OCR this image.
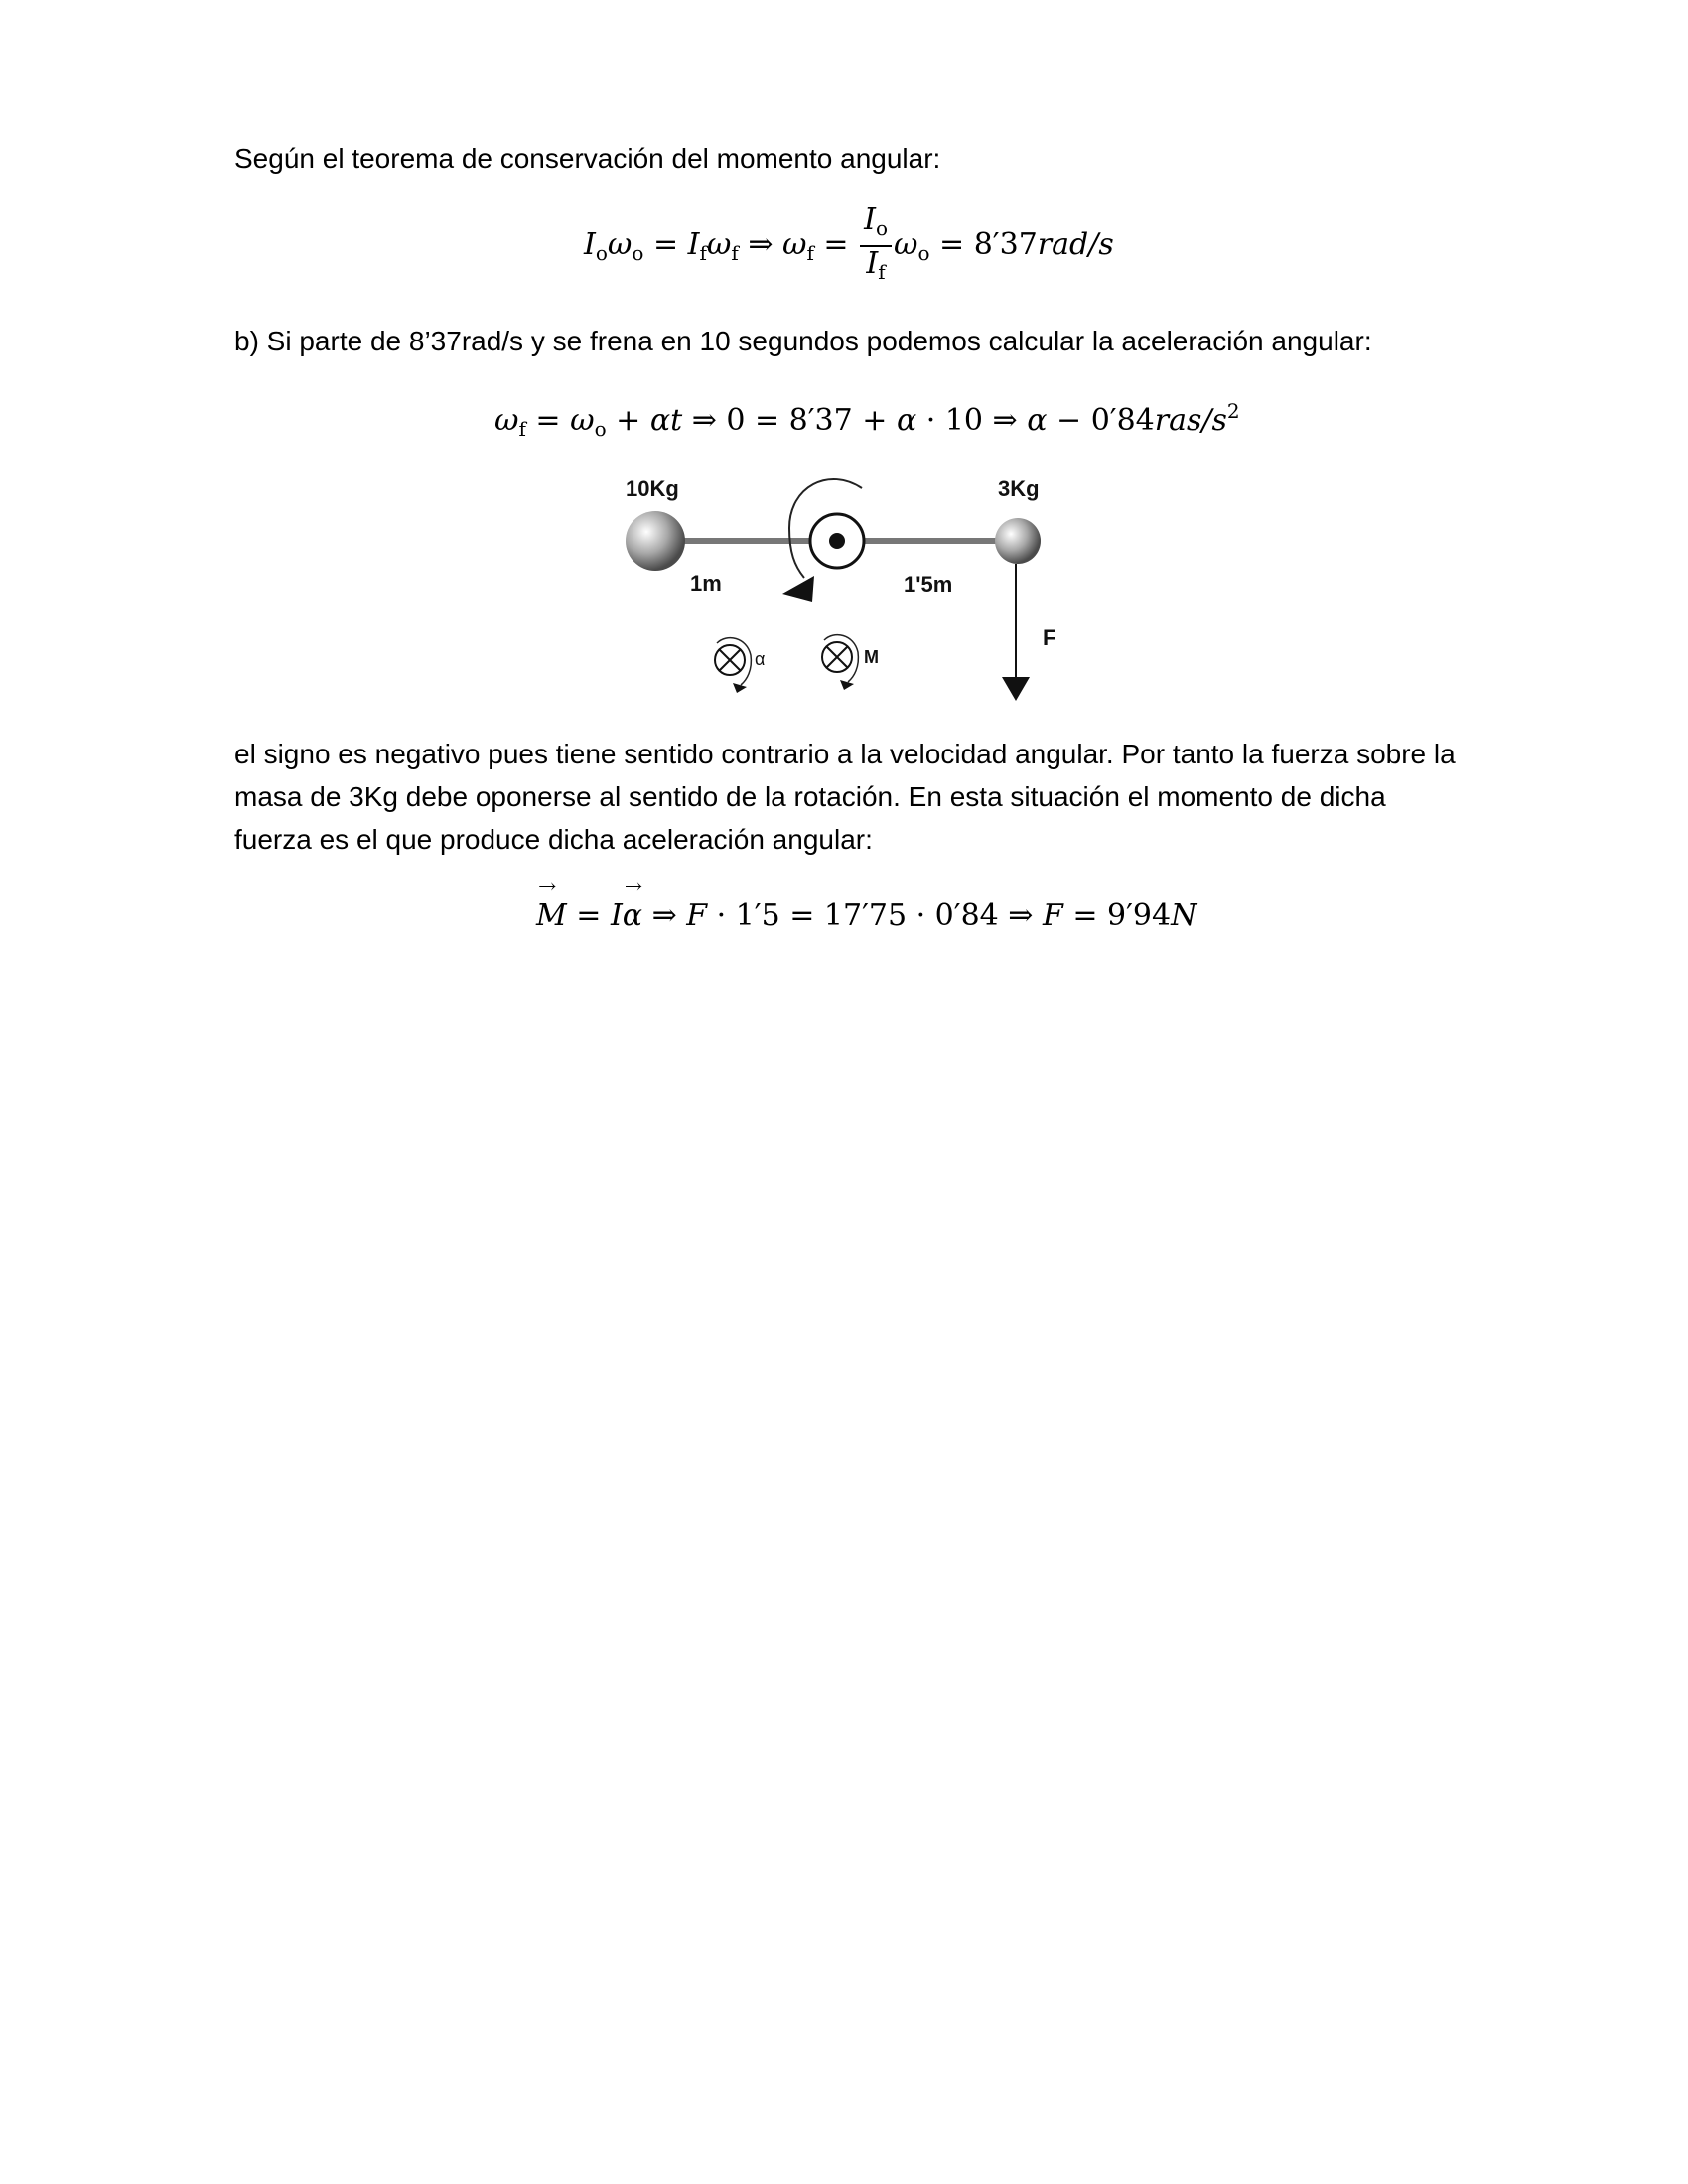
Según el teorema de conservación del momento angular:

$I_o\omega_o = I_f\omega_f$ ⇒ $\omega_f = \frac{I_o}{I_f} \omega_o = 8'37rad/s$

b) Si parte de 8’37rad/s y se frena en 10 segundos podemos calcular la aceleración angular:

$\omega_f = \omega_o + \alpha t$ ⇒ 0 = 8′37 + α · 10 ⇒ $\alpha - 0'84ras/s^2$
10Kg	3Kg
1m	1'5m
F
α	M

el signo es negativo pues tiene sentido contrario a la velocidad angular. Por tanto la fuerza sobre la masa de 3Kg debe oponerse al sentido de la rotación. En esta situación el momento de dicha fuerza es el que produce dicha aceleración angular:

→ M = I→ α ⇒ F · 1′5 = 17′75 · 0′84 ⇒ F = 9′94N
